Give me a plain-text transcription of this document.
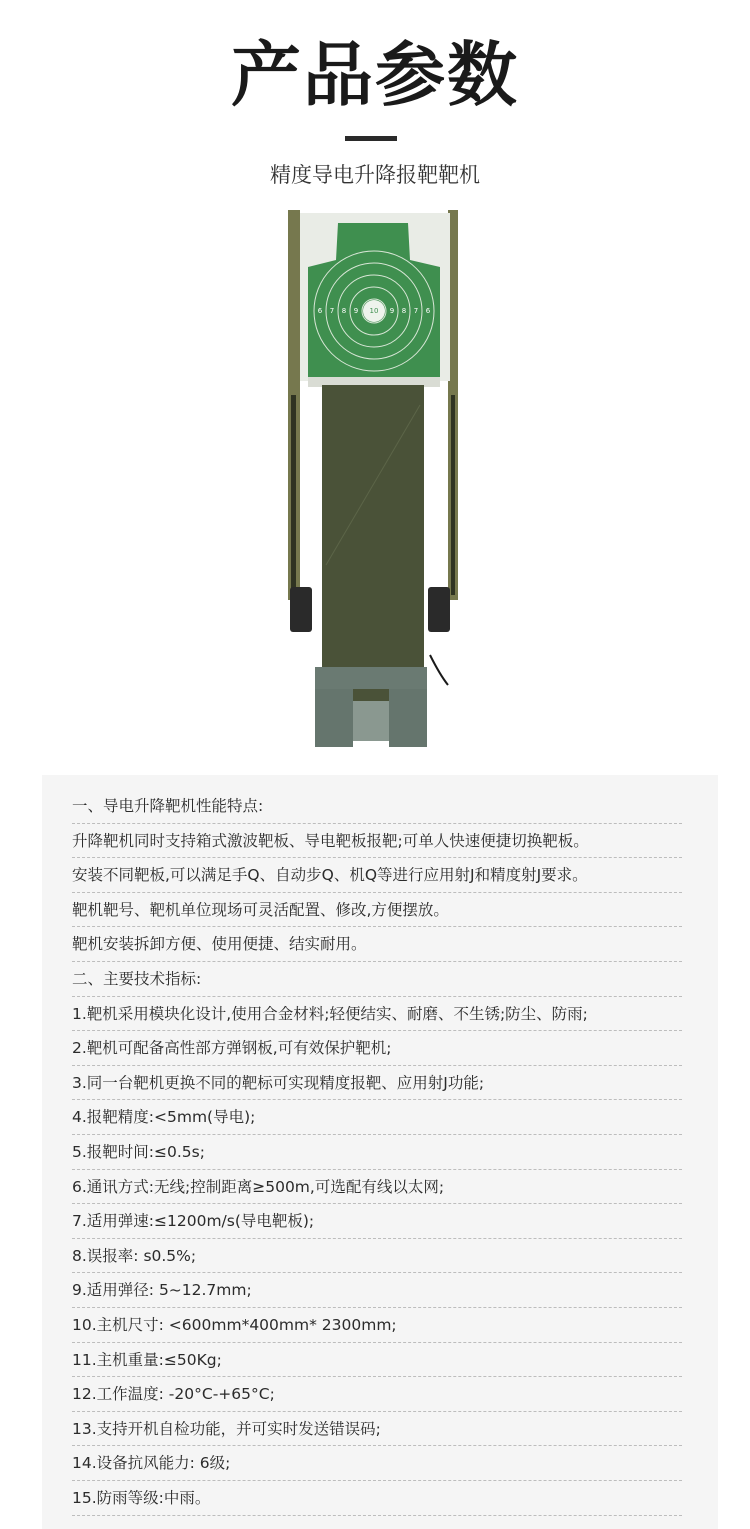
产品参数
精度导电升降报靶靶机
6 7 8 9 10 9 8 7 6
一、导电升降靶机性能特点:
升降靶机同时支持箱式激波靶板、导电靶板报靶;可单人快速便捷切换靶板。
安装不同靶板,可以满足手Q、自动步Q、机Q等进行应用射J和精度射J要求。
靶机靶号、靶机单位现场可灵活配置、修改,方便摆放。
靶机安装拆卸方便、使用便捷、结实耐用。
二、主要技术指标:
1.靶机采用模块化设计,使用合金材料;轻便结实、耐磨、不生锈;防尘、防雨;
2.靶机可配备高性部方弹钢板,可有效保护靶机;
3.同一台靶机更换不同的靶标可实现精度报靶、应用射J功能;
4.报靶精度:<5mm(导电);
5.报靶时间:≤0.5s;
6.通讯方式:无线;控制距离≥500m,可选配有线以太网;
7.适用弹速:≤1200m/s(导电靶板);
8.误报率: s0.5%;
9.适用弹径: 5~12.7mm;
10.主机尺寸: <600mm*400mm* 2300mm;
11.主机重量:≤50Kg;
12.工作温度: -20°C-+65°C;
13.支持开机自检功能，并可实时发送错误码;
14.设备抗风能力: 6级;
15.防雨等级:中雨。
